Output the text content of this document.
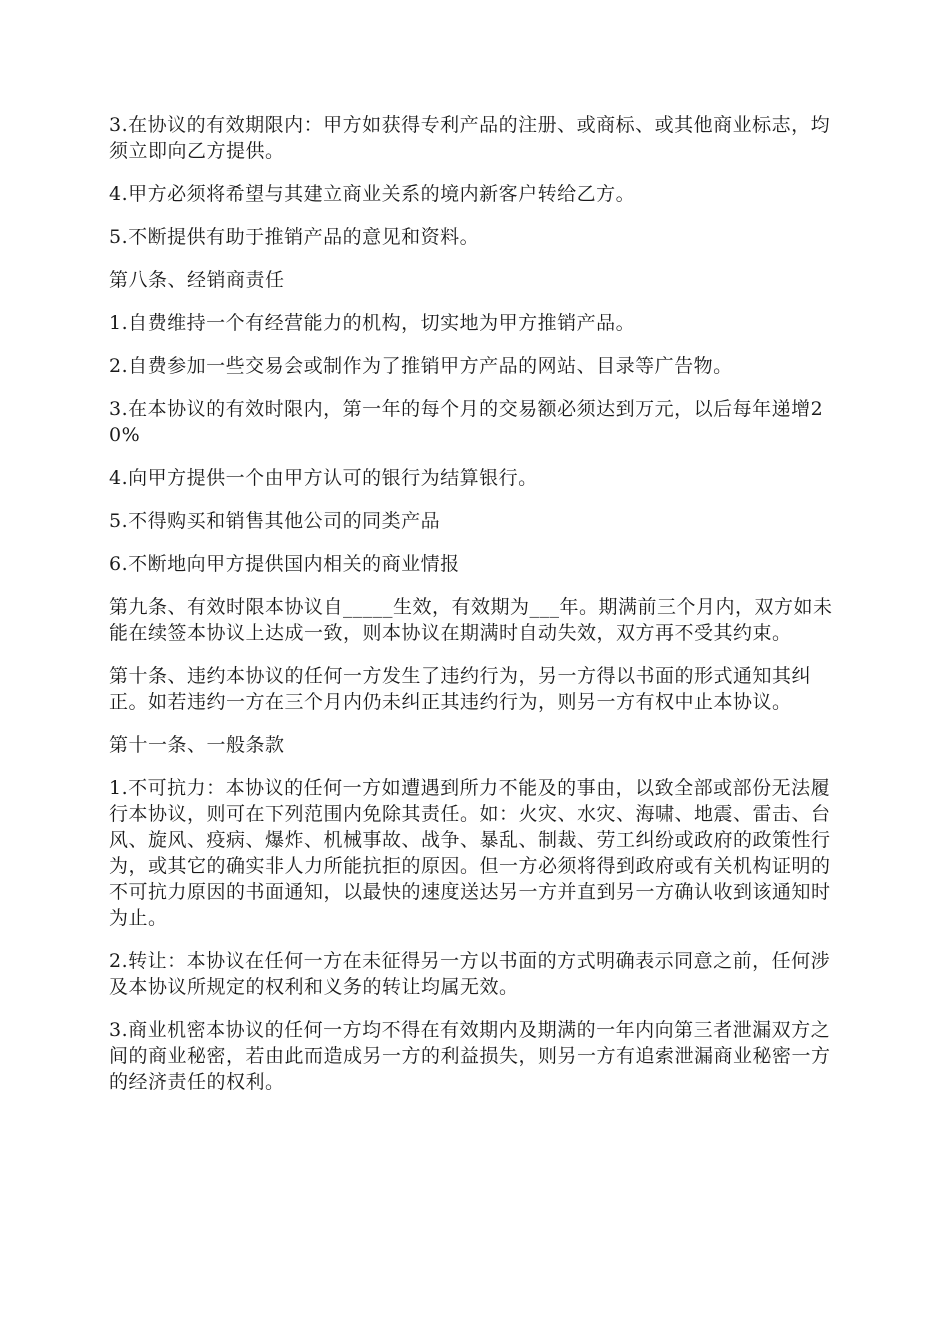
3.在协议的有效期限内：甲方如获得专利产品的注册、或商标、或其他商业标志，均须立即向乙方提供。

4.甲方必须将希望与其建立商业关系的境内新客户转给乙方。

5.不断提供有助于推销产品的意见和资料。

第八条、经销商责任

1.自费维持一个有经营能力的机构，切实地为甲方推销产品。

2.自费参加一些交易会或制作为了推销甲方产品的网站、目录等广告物。

3.在本协议的有效时限内，第一年的每个月的交易额必须达到万元，以后每年递增20%

4.向甲方提供一个由甲方认可的银行为结算银行。

5.不得购买和销售其他公司的同类产品

6.不断地向甲方提供国内相关的商业情报

第九条、有效时限本协议自_____生效，有效期为___年。期满前三个月内，双方如未能在续签本协议上达成一致，则本协议在期满时自动失效，双方再不受其约束。

第十条、违约本协议的任何一方发生了违约行为，另一方得以书面的形式通知其纠正。如若违约一方在三个月内仍未纠正其违约行为，则另一方有权中止本协议。

第十一条、一般条款

1.不可抗力：本协议的任何一方如遭遇到所力不能及的事由，以致全部或部份无法履行本协议，则可在下列范围内免除其责任。如：火灾、水灾、海啸、地震、雷击、台风、旋风、疫病、爆炸、机械事故、战争、暴乱、制裁、劳工纠纷或政府的政策性行为，或其它的确实非人力所能抗拒的原因。但一方必须将得到政府或有关机构证明的不可抗力原因的书面通知，以最快的速度送达另一方并直到另一方确认收到该通知时为止。

2.转让：本协议在任何一方在未征得另一方以书面的方式明确表示同意之前，任何涉及本协议所规定的权利和义务的转让均属无效。

3.商业机密本协议的任何一方均不得在有效期内及期满的一年内向第三者泄漏双方之间的商业秘密，若由此而造成另一方的利益损失，则另一方有追索泄漏商业秘密一方的经济责任的权利。
